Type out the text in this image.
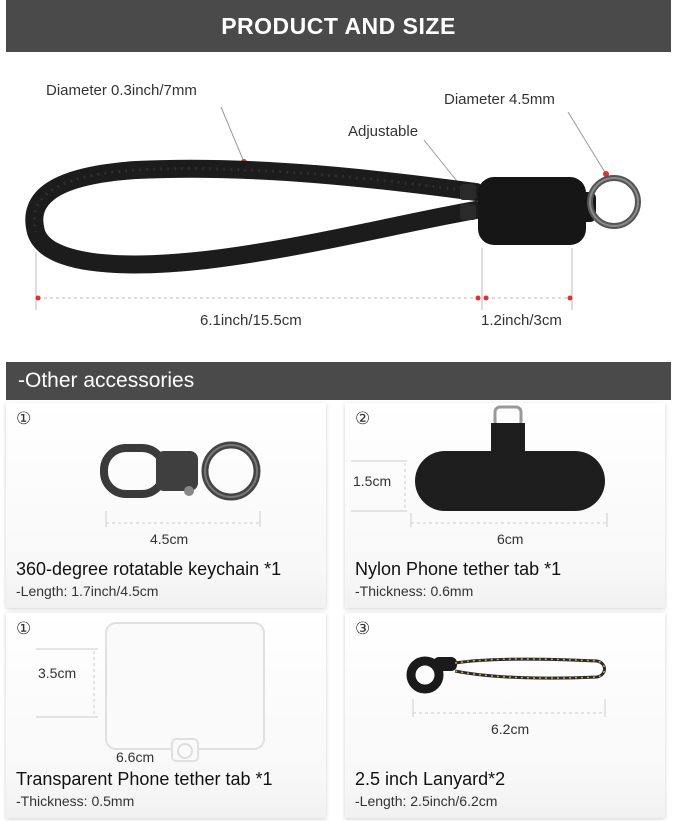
PRODUCT AND SIZE
Diameter 0.3inch/7mm
Diameter 4.5mm
Adjustable
6.1inch/15.5cm	1.2inch/3cm
-Other accessories
①
4.5cm
360-degree rotatable keychain *1
-Length: 1.7inch/4.5cm
②
1.5cm
6cm
Nylon Phone tether tab *1
-Thickness: 0.6mm
①
3.5cm
6.6cm
Transparent Phone tether tab *1
-Thickness: 0.5mm
③
6.2cm
2.5 inch Lanyard*2
-Length: 2.5inch/6.2cm
